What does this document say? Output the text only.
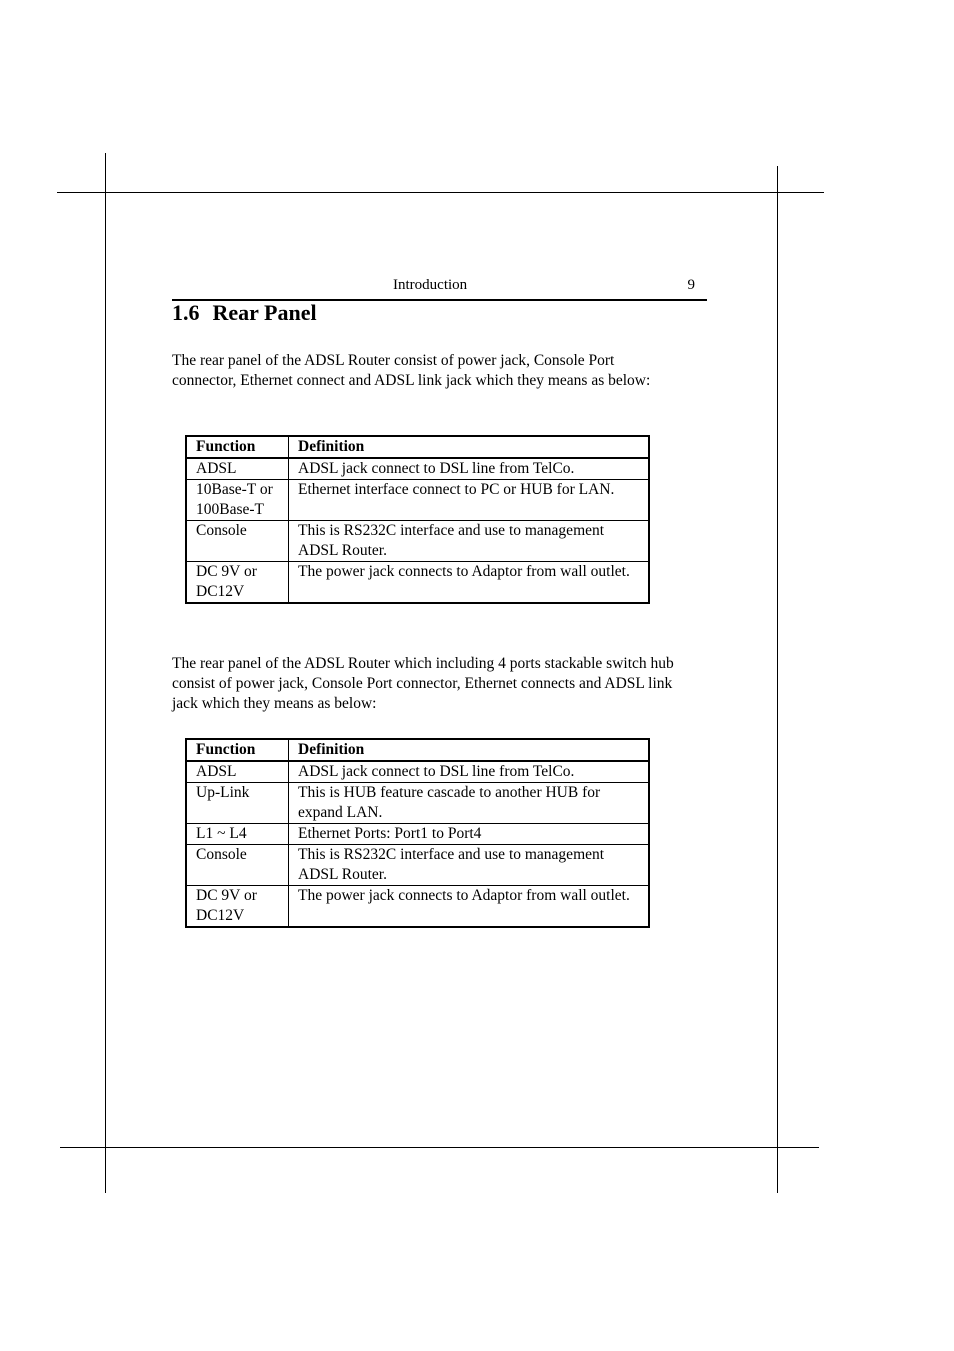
Introduction	9
1.6 Rear Panel

The rear panel of the ADSL Router consist of power jack, Console Port connector, Ethernet connect and ADSL link jack which they means as below:

Function	Definition
ADSL	ADSL jack connect to DSL line from TelCo.
10Base-T or 100Base-T	Ethernet interface connect to PC or HUB for LAN.
Console	This is RS232C interface and use to management ADSL Router.
DC 9V or DC12V	The power jack connects to Adaptor from wall outlet.

The rear panel of the ADSL Router which including 4 ports stackable switch hub consist of power jack, Console Port connector, Ethernet connects and ADSL link jack which they means as below:

Function	Definition
ADSL	ADSL jack connect to DSL line from TelCo.
Up-Link	This is HUB feature cascade to another HUB for expand LAN.
L1 ~ L4	Ethernet Ports: Port1 to Port4
Console	This is RS232C interface and use to management ADSL Router.
DC 9V or DC12V	The power jack connects to Adaptor from wall outlet.
